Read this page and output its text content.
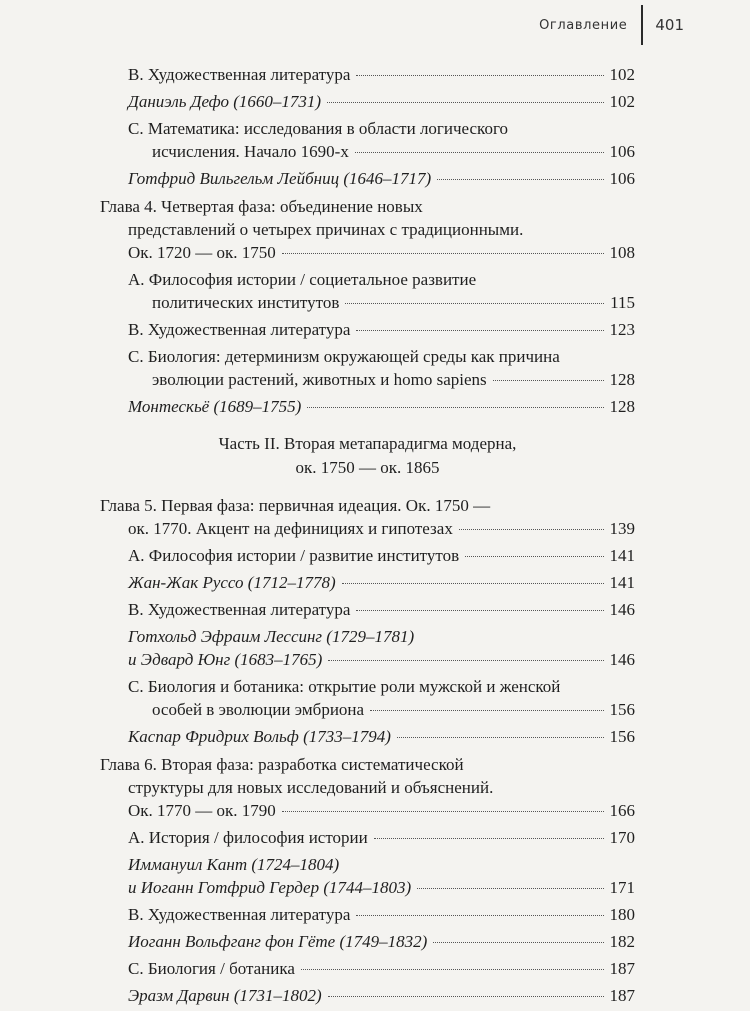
Оглавление 401
B. Художественная литература	102
Даниэль Дефо (1660–1731)	102
C. Математика: исследования в области логического
исчисления. Начало 1690-х	106
Готфрид Вильгельм Лейбниц (1646–1717)	106
Глава 4. Четвертая фаза: объединение новых
представлений о четырех причинах с традиционными.
Ок. 1720 — ок. 1750	108
A. Философия истории / социетальное развитие
политических институтов	115
B. Художественная литература	123
C. Биология: детерминизм окружающей среды как причина
эволюции растений, животных и homo sapiens	128
Монтескьё (1689–1755)	128
Часть II. Вторая метапарадигма модерна,
ок. 1750 — ок. 1865
Глава 5. Первая фаза: первичная идеация. Ок. 1750 —
ок. 1770. Акцент на дефинициях и гипотезах	139
A. Философия истории / развитие институтов	141
Жан-Жак Руссо (1712–1778)	141
B. Художественная литература	146
Готхольд Эфраим Лессинг (1729–1781)
и Эдвард Юнг (1683–1765)	146
C. Биология и ботаника: открытие роли мужской и женской
особей в эволюции эмбриона	156
Каспар Фридрих Вольф (1733–1794)	156
Глава 6. Вторая фаза: разработка систематической
структуры для новых исследований и объяснений.
Ок. 1770 — ок. 1790	166
A. История / философия истории	170
Иммануил Кант (1724–1804)
и Иоганн Готфрид Гердер (1744–1803)	171
B. Художественная литература	180
Иоганн Вольфганг фон Гёте (1749–1832)	182
C. Биология / ботаника	187
Эразм Дарвин (1731–1802)	187
